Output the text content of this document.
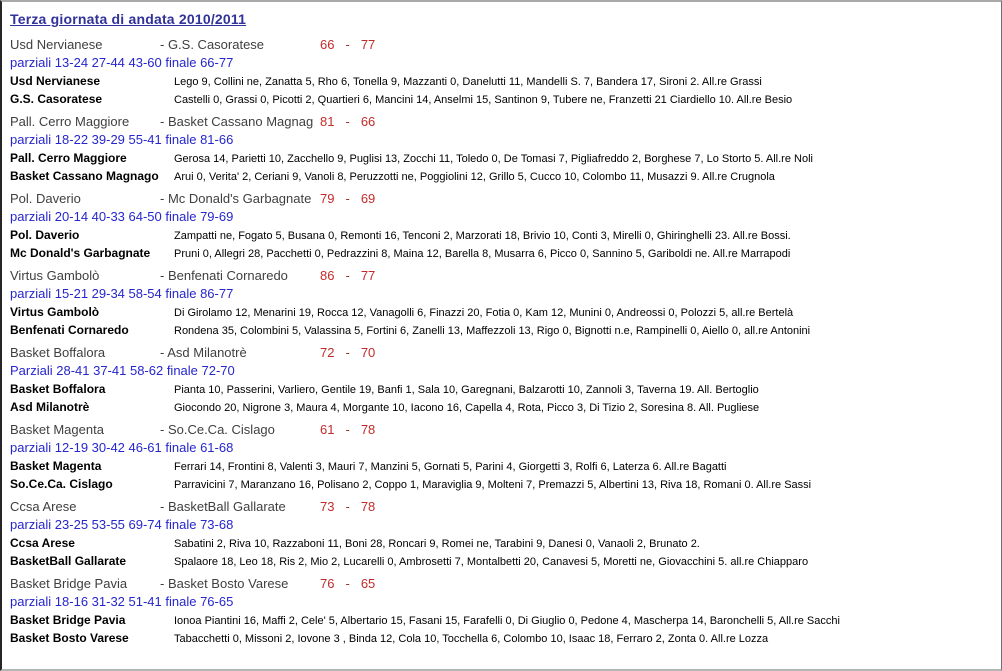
Terza giornata di andata 2010/2011
Usd Nervianese	- G.S. Casoratese	66 - 77
parziali 13-24 27-44 43-60 finale 66-77
Usd Nervianese	Lego 9, Collini ne, Zanatta 5, Rho 6, Tonella 9, Mazzanti 0, Danelutti 11, Mandelli S. 7, Bandera 17, Sironi 2. All.re Grassi
G.S. Casoratese	Castelli 0, Grassi 0, Picotti 2, Quartieri 6, Mancini 14, Anselmi 15, Santinon 9, Tubere ne, Franzetti 21 Ciardiello 10. All.re Besio
Pall. Cerro Maggiore	- Basket Cassano Magnag 81 - 66
parziali 18-22 39-29 55-41 finale 81-66
Pall. Cerro Maggiore	Gerosa 14, Parietti 10, Zacchello 9, Puglisi 13, Zocchi 11, Toledo 0, De Tomasi 7, Pigliafreddo 2, Borghese 7, Lo Storto 5. All.re Noli
Basket Cassano Magnago	Arui 0, Verita' 2, Ceriani 9, Vanoli 8, Peruzzotti ne, Poggiolini 12, Grillo 5, Cucco 10, Colombo 11, Musazzi 9. All.re Crugnola
Pol. Daverio	- Mc Donald's Garbagnate 79 - 69
parziali 20-14 40-33 64-50 finale 79-69
Pol. Daverio	Zampatti ne, Fogato 5, Busana 0, Remonti 16, Tenconi 2, Marzorati 18, Brivio 10, Conti 3, Mirelli 0, Ghiringhelli 23. All.re Bossi.
Mc Donald's Garbagnate	Pruni 0, Allegri 28, Pacchetti 0, Pedrazzini 8, Maina 12, Barella 8, Musarra 6, Picco 0, Sannino 5, Gariboldi ne. All.re Marrapodi
Virtus Gambolò	- Benfenati Cornaredo	86 - 77
parziali 15-21 29-34 58-54 finale 86-77
Virtus Gambolò	Di Girolamo 12, Menarini 19, Rocca 12, Vanagolli 6, Finazzi 20, Fotia 0, Kam 12, Munini 0, Andreossi 0, Polozzi 5, all.re Bertelà
Benfenati Cornaredo	Rondena 35, Colombini 5, Valassina 5, Fortini 6, Zanelli 13, Maffezzoli 13, Rigo 0, Bignotti n.e, Rampinelli 0, Aiello 0, all.re Antonini
Basket Boffalora	- Asd Milanotrè	72 - 70
Parziali 28-41 37-41 58-62 finale 72-70
Basket Boffalora	Pianta 10, Passerini, Varliero, Gentile 19, Banfi 1, Sala 10, Garegnani, Balzarotti 10, Zannoli 3, Taverna 19. All. Bertoglio
Asd Milanotrè	Giocondo 20, Nigrone 3, Maura 4, Morgante 10, Iacono 16, Capella 4, Rota, Picco 3, Di Tizio 2, Soresina 8. All. Pugliese
Basket Magenta	- So.Ce.Ca. Cislago	61 - 78
parziali 12-19 30-42 46-61 finale 61-68
Basket Magenta	Ferrari 14, Frontini 8, Valenti 3, Mauri 7, Manzini 5, Gornati 5, Parini 4, Giorgetti 3, Rolfi 6, Laterza 6. All.re Bagatti
So.Ce.Ca. Cislago	Parravicini 7, Maranzano 16, Polisano 2, Coppo 1, Maraviglia 9, Molteni 7, Premazzi 5, Albertini 13, Riva 18, Romani 0. All.re Sassi
Ccsa Arese	- BasketBall Gallarate	73 - 78
parziali 23-25 53-55 69-74 finale 73-68
Ccsa Arese	Sabatini 2, Riva 10, Razzaboni 11, Boni 28, Roncari 9, Romei ne, Tarabini 9, Danesi 0, Vanaoli 2, Brunato 2.
BasketBall Gallarate	Spalaore 18, Leo 18, Ris 2, Mio 2, Lucarelli 0, Ambrosetti 7, Montalbetti 20, Canavesi 5, Moretti ne, Giovacchini 5. all.re Chiapparo
Basket Bridge Pavia	- Basket Bosto Varese	76 - 65
parziali 18-16 31-32 51-41 finale 76-65
Basket Bridge Pavia	Ionoa Piantini 16, Maffi 2, Cele' 5, Albertario 15, Fasani 15, Farafelli 0, Di Giuglio 0, Pedone 4, Mascherpa 14, Baronchelli 5, All.re Sacchi
Basket Bosto Varese	Tabacchetti 0, Missoni 2, Iovone 3 , Binda 12, Cola 10, Tocchella 6, Colombo 10, Isaac 18, Ferraro 2, Zonta 0. All.re Lozza
